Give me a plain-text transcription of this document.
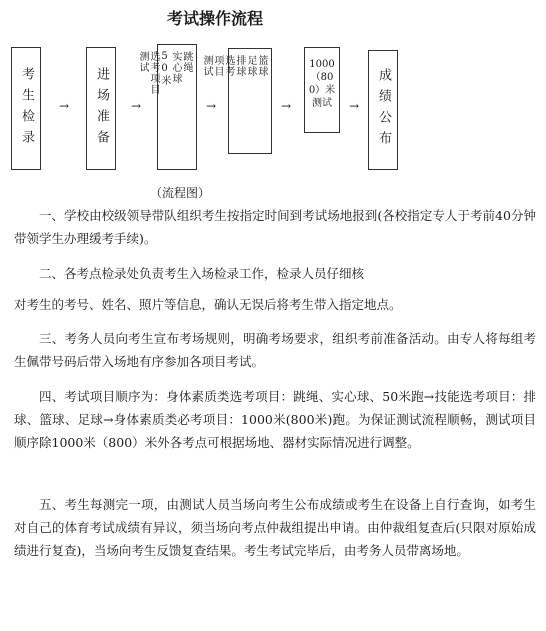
考试操作流程
考生检录 → 进场准备 →
跳绳
实心球
50米
选考项目
测试
→
篮球
足球
排球
选考
项目
测试
→
1000 （800）米测试	→ 成绩公布
（流程图）

一、学校由校级领导带队组织考生按指定时间到考试场地报到(各校指定专人于考前40分钟带领学生办理缓考手续)。

二、各考点检录处负责考生入场检录工作，检录人员仔细核

对考生的考号、姓名、照片等信息，确认无误后将考生带入指定地点。

三、考务人员向考生宣布考场规则，明确考场要求，组织考前准备活动。由专人将每组考生佩带号码后带入场地有序参加各项目考试。

四、考试项目顺序为：身体素质类选考项目：跳绳、实心球、50米跑→技能选考项目：排球、篮球、足球→身体素质类必考项目：1000米(800米)跑。为保证测试流程顺畅，测试项目顺序除1000米（800）米外各考点可根据场地、器材实际情况进行调整。

五、考生每测完一项，由测试人员当场向考生公布成绩或考生在设备上自行查询，如考生对自己的体育考试成绩有异议，须当场向考点仲裁组提出申请。由仲裁组复查后(只限对原始成绩进行复查)，当场向考生反馈复查结果。考生考试完毕后，由考务人员带离场地。
